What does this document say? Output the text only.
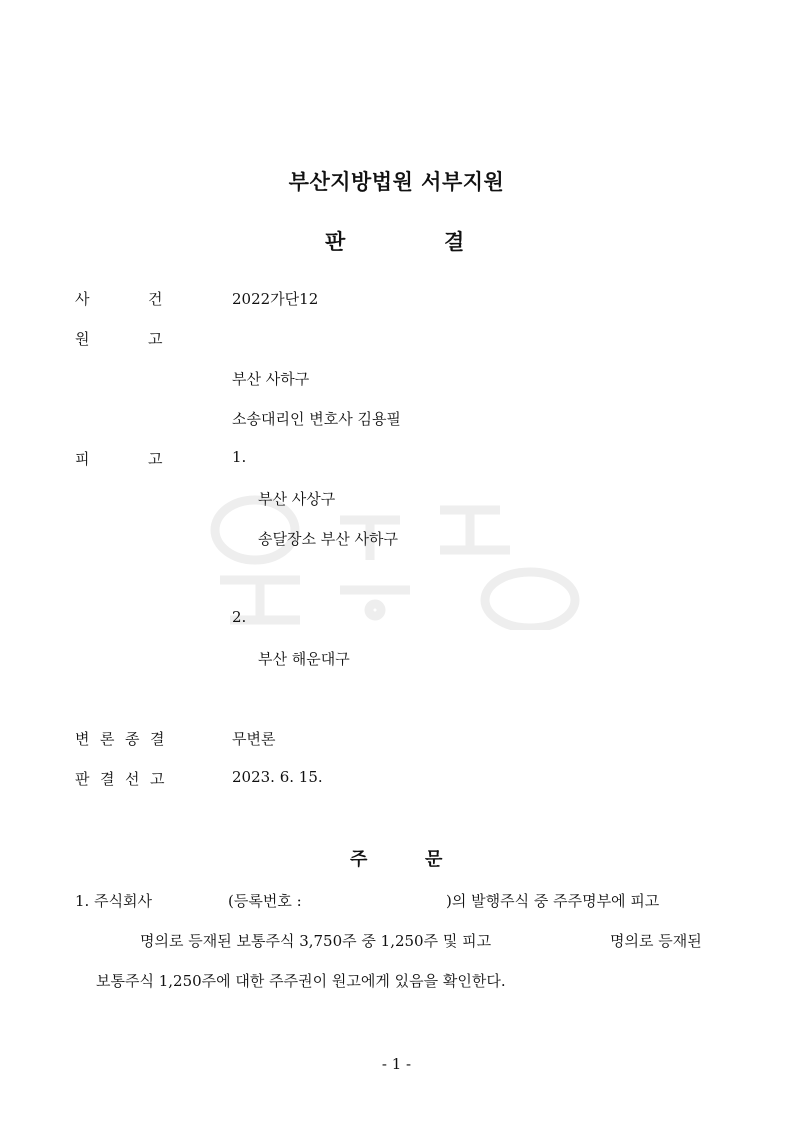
부산지방법원 서부지원
판	결
사	건	2022가단12
원	고
부산 사하구
소송대리인 변호사 김용필
피	고	1.
부산 사상구
송달장소 부산 사하구
2.
부산 해운대구
변 론 종 결	무변론
판 결 선 고	2023. 6. 15.
주	문
1. 주식회사	(등록번호 :	)의 발행주식 중 주주명부에 피고
명의로 등재된 보통주식 3,750주 중 1,250주 및 피고	명의로 등재된
보통주식 1,250주에 대한 주주권이 원고에게 있음을 확인한다.
- 1 -
